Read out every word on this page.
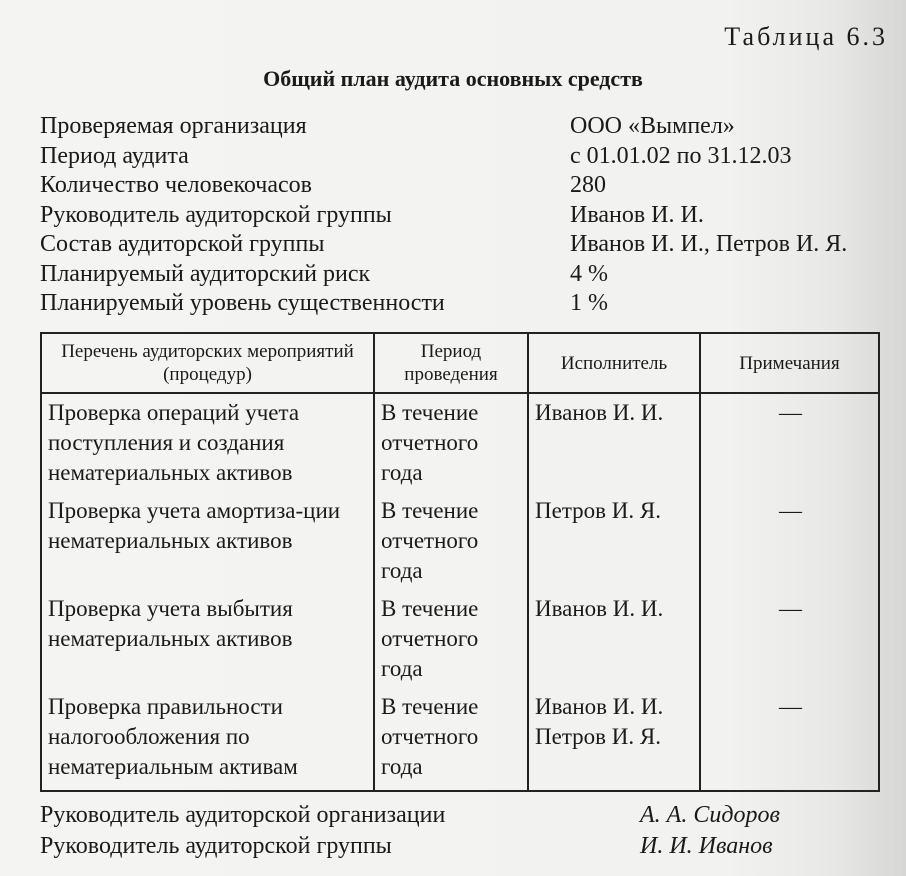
Таблица 6.3
Общий план аудита основных средств
Проверяемая организация	ООО «Вымпел»
Период аудита	с 01.01.02 по 31.12.03
Количество человекочасов	280
Руководитель аудиторской группы	Иванов И. И.
Состав аудиторской группы	Иванов И. И., Петров И. Я.
Планируемый аудиторский риск	4 %
Планируемый уровень существенности	1 %
Перечень аудиторских мероприятий (процедур)	Период проведения	Исполнитель	Примечания
Проверка операций учета поступления и создания нематериальных активов	В течение отчетного года	Иванов И. И.	—
Проверка учета амортиза-ции нематериальных активов	В течение отчетного года	Петров И. Я.	—
Проверка учета выбытия нематериальных активов	В течение отчетного года	Иванов И. И.	—
Проверка правильности налогообложения по нематериальным активам	В течение отчетного года	Иванов И. И. Петров И. Я.	—
Руководитель аудиторской организации	А. А. Сидоров
Руководитель аудиторской группы	И. И. Иванов
